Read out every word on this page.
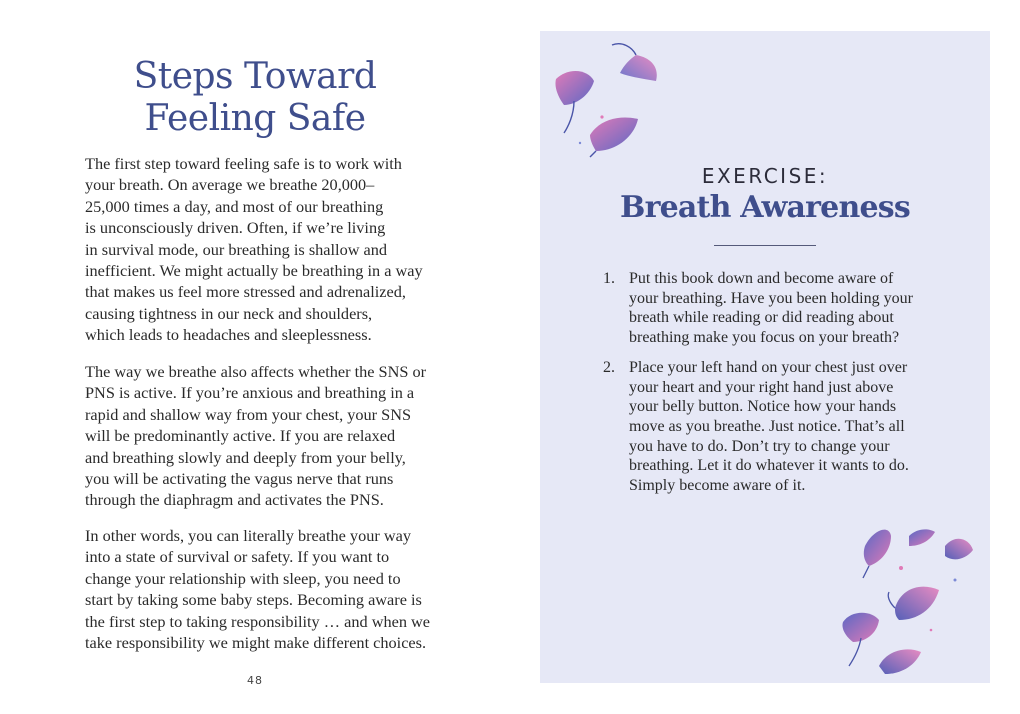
Steps Toward
Feeling Safe
The first step toward feeling safe is to work with
your breath. On average we breathe 20,000–
25,000 times a day, and most of our breathing
is unconsciously driven. Often, if we’re living
in survival mode, our breathing is shallow and
inefficient. We might actually be breathing in a way
that makes us feel more stressed and adrenalized,
causing tightness in our neck and shoulders,
which leads to headaches and sleeplessness.
The way we breathe also affects whether the SNS or
PNS is active. If you’re anxious and breathing in a
rapid and shallow way from your chest, your SNS
will be predominantly active. If you are relaxed
and breathing slowly and deeply from your belly,
you will be activating the vagus nerve that runs
through the diaphragm and activates the PNS.
In other words, you can literally breathe your way
into a state of survival or safety. If you want to
change your relationship with sleep, you need to
start by taking some baby steps. Becoming aware is
the first step to taking responsibility … and when we
take responsibility we might make different choices.
48
EXERCISE:
Breath Awareness
1. Put this book down and become aware of
your breathing. Have you been holding your
breath while reading or did reading about
breathing make you focus on your breath?
2. Place your left hand on your chest just over
your heart and your right hand just above
your belly button. Notice how your hands
move as you breathe. Just notice. That’s all
you have to do. Don’t try to change your
breathing. Let it do whatever it wants to do.
Simply become aware of it.
